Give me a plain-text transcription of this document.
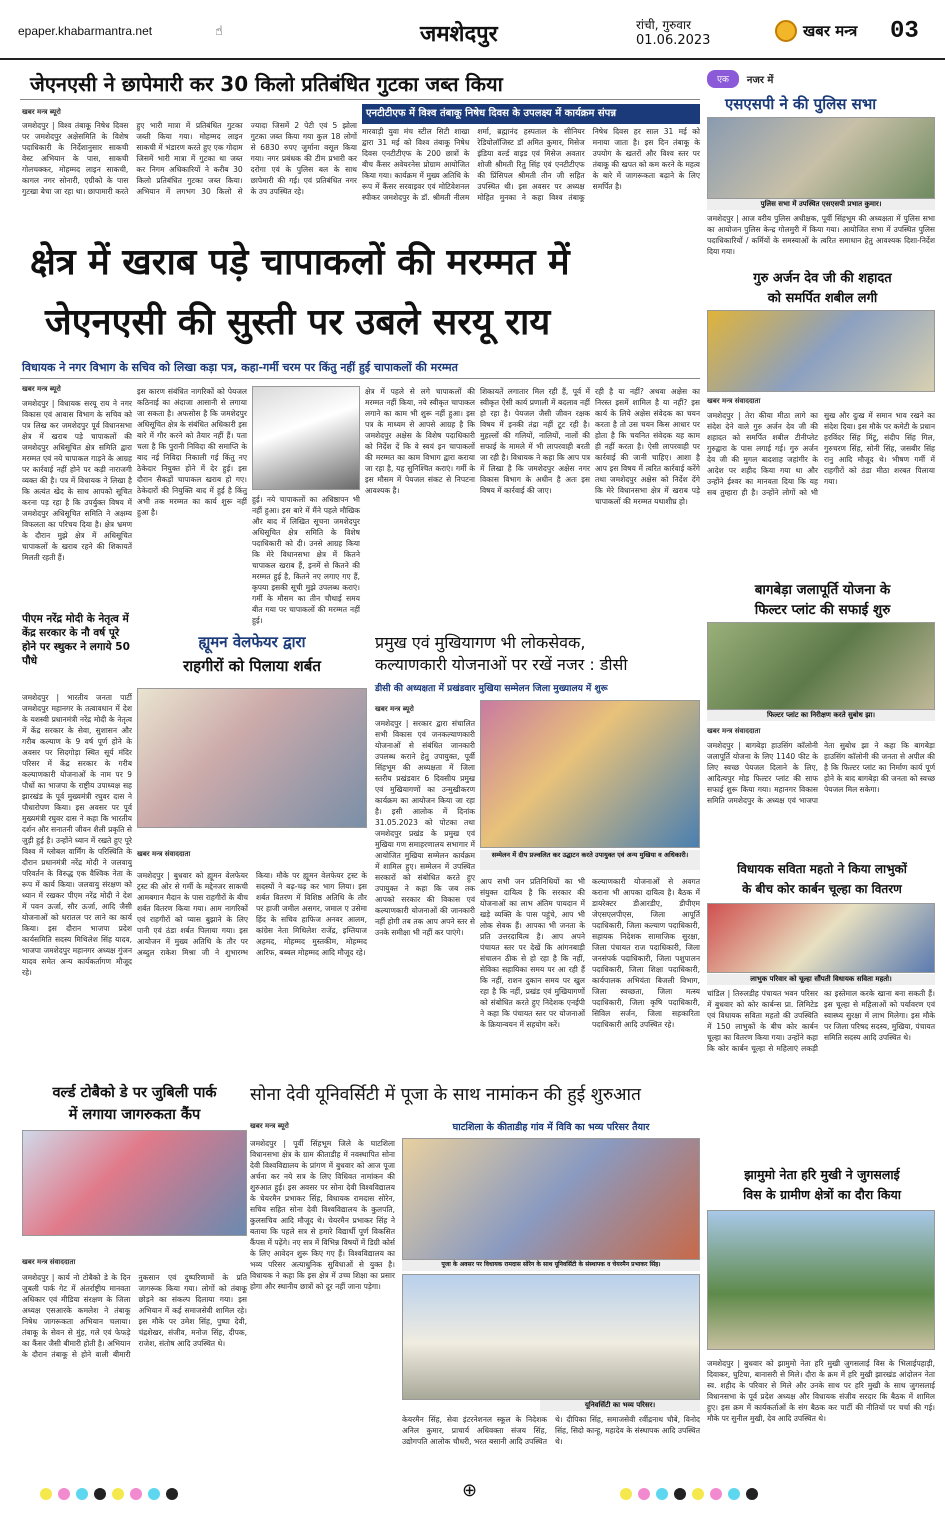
epaper.khabarmantra.net	☝	जमशेदपुर	रांची, गुरुवार
01.06.2023
खबर मन्त्र 03
जेएनएसी ने छापेमारी कर 30 किलो प्रतिबंधित गुटका जब्त किया
खबर मन्त्र ब्यूरो
जमशेदपुर | विश्व तंबाकू निषेध दिवस पर जमशेदपुर अक्षेसमिति के विशेष पदाधिकारी के निर्देशानुसार साकची वेस्ट अभियान के पास, साकची गोलचक्कर, मोहम्मद लाइन साकची, कागल नगर सोनारी, एग्रीको के पास गुटखा बेचा जा रहा था। छापामारी करते हुए भारी मात्रा में प्रतिबंधित गुटका जब्ती किया गया। मोहम्मद लाइन साकची में भंडारण करते हुए एक गोदाम जिसमें भारी मात्रा में गुटका था जब्त कर निगम अधिकारियों ने करीब 30 किलो प्रतिबंधित गुटका जब्त किया। अभियान में लगभग 30 किलो से ज्यादा जिसमें 2 पेटी एवं 5 झोला गुटका जब्त किया गया कुल 18 लोगों से 6830 रुपए जुर्माना वसूल किया गया। नगर प्रबंधक की टीम प्रभारी कर दरोगा एवं के पुलिस बल के साथ छापेमारी की गई। एवं प्रतिबंधित नगर के उप उपस्थित रहे।
एनटीटीएफ में विश्व तंबाकू निषेध दिवस के उपलक्ष्य में कार्यक्रम संपन्न
मारवाड़ी युवा मंच स्टील सिटी शाखा द्वारा 31 मई को विश्व तंबाकू निषेध दिवस एनटीटीएफ के 200 छात्रों के बीच कैंसर अवेयरनेस प्रोग्राम आयोजित किया गया। कार्यक्रम में मुख्य अतिथि के रूप में कैंसर सरवाइवर एवं मोटिवेशनल स्पीकर जमशेदपुर के डॉ. श्रीमती नीलम शर्मा, ब्रह्मानंद हस्पताल के सीनियर रेडियोलॉजिस्ट डॉ अमित कुमार, मिसेज इंडिया वर्ल्ड वाइड एवं मिसेज अवतार शोजी श्रीमती रितु सिंह एवं एनटीटीएफ की प्रिंसिपल श्रीमती तीन जी सहित उपस्थित थी। इस अवसर पर अध्यक्ष मोहित मुनका ने कहा विश्व तंबाकू निषेध दिवस हर साल 31 मई को मनाया जाता है। इस दिन तंबाकू के उपयोग के खतरों और विश्व स्तर पर तंबाकू की खपत को कम करने के महत्व के बारे में जागरूकता बढ़ाने के लिए समर्पित है।
एक	नजर में
एसएसपी ने की पुलिस सभा
पुलिस सभा में उपस्थित एसएसपी प्रभात कुमार।
जमशेदपुर | आज वरीय पुलिस अधीक्षक, पूर्वी सिंहभूम की अध्यक्षता में पुलिस सभा का आयोजन पुलिस केन्द्र गोलमुरी में किया गया। आयोजित सभा में उपस्थित पुलिस पदाधिकारियों / कर्मियों के समस्याओं के त्वरित समाधान हेतु आवश्यक दिशा-निर्देश दिया गया।
क्षेत्र में खराब पड़े चापाकलों की मरम्मत में
जेएनएसी की सुस्ती पर उबले सरयू राय
विधायक ने नगर विभाग के सचिव को लिखा कड़ा पत्र, कहा-गर्मी चरम पर किंतु नहीं हुई चापाकलों की मरम्मत
खबर मन्त्र ब्यूरो
जमशेदपुर | विधायक सरयू राय ने नगर विकास एवं आवास विभाग के सचिव को पत्र लिख कर जमशेदपुर पूर्व विधानसभा क्षेत्र में खराब पड़े चापाकलों की जमशेदपुर अधिसूचित क्षेत्र समिति द्वारा मरम्मत एवं नये चापाकल गाड़ने के आग्रह पर कार्रवाई नहीं होने पर कड़ी नाराजगी व्यक्त की है। पत्र में विधायक ने लिखा है कि अत्यंत खेद के साथ आपको सूचित करना पड़ रहा है कि उपर्युक्त विषय में जमशेदपुर अधिसूचित समिति ने अक्षम्य विफलता का परिचय दिया है। क्षेत्र भ्रमण के दौरान मुझे क्षेत्र में अधिसूचित चापाकलों के खराब रहने की शिकायतें मिलती रहती हैं।
इस कारण संबंधित नागरिकों को पेयजल कठिनाई का अंदाजा आसानी से लगाया जा सकता है। अफसोस है कि जमशेदपुर अधिसूचित क्षेत्र के संबंधित अधिकारी इस बारे में गौर करने को तैयार नहीं हैं। पता चला है कि पुरानी निविदा की समाप्ति के बाद नई निविदा निकाली गई किंतु नए ठेकेदार नियुक्त होने में देर हुई। इस दौरान सैकड़ों चापाकल खराब हो गए। ठेकेदारों की नियुक्ति बाद में हुई है किंतु अभी तक मरम्मत का कार्य शुरू नहीं हुआ है।
हुई। नये चापाकलों का अधिष्ठापन भी नहीं हुआ। इस बारे में मैंने पहले मौखिक और बाद में लिखित सूचना जमशेदपुर अधिसूचित क्षेत्र समिति के विशेष पदाधिकारी को दी। उनसे आग्रह किया कि मेरे विधानसभा क्षेत्र में कितने चापाकल खराब हैं, इनमें से कितने की मरम्मत हुई है, कितने नए लगाए गए हैं, कृपया इसकी सूची मुझे उपलब्ध कराएं। गर्मी के मौसम का तीन चौथाई समय बीत गया पर चापाकलों की मरम्मत नहीं हुई।
क्षेत्र में पहले से लगे चापाकलों की मरम्मत नहीं किया, नये स्वीकृत चापाकल लगाने का काम भी शुरू नहीं हुआ। इस पत्र के माध्यम से आपसे आग्रह है कि जमशेदपुर अक्षेस के विशेष पदाधिकारी को निर्देश दें कि वे स्वयं इन चापाकलों की मरम्मत का काम विभाग द्वारा कराया जा रहा है, यह सुनिश्चित कराएं। गर्मी के इस मौसम में पेयजल संकट से निपटना आवश्यक है।
शिकायतें लगातार मिल रही हैं, पूर्व में स्वीकृत ऐसी कार्य प्रणाली में बदलाव नहीं हो रहा है। पेयजल जैसी जीवन रक्षक विषय में इनकी तंद्रा नहीं टूट रही है। मुहल्लों की गलियों, नालियों, नालों की सफाई के मामले में भी लापरवाही बरती जा रही है। विधायक ने कहा कि आप पत्र में लिखा है कि जमशेदपुर अक्षेस नगर विकास विभाग के अधीन है अतः इस विषय में कार्रवाई की जाए।
रही है या नहीं? अथवा अक्षेस का निरस्त इसमें शामिल है या नहीं? इस कार्य के लिये अक्षेस संवेदक का चयन करता है तो उस चयन किस आधार पर होता है कि चयनित संवेदक यह काम ही नहीं करता है। ऐसी लापरवाही पर कार्रवाई की जानी चाहिए। आशा है आप इस विषय में त्वरित कार्रवाई करेंगे तथा जमशेदपुर अक्षेस को निर्देश देंगे कि मेरे विधानसभा क्षेत्र में खराब पड़े चापाकलों की मरम्मत यथाशीघ्र हो।
पीएम नरेंद्र मोदी के नेतृत्व में केंद्र सरकार के नौ वर्ष पूरे होने पर स्थुकर ने लगाये 50 पौधे
जमशेदपुर | भारतीय जनता पार्टी जमशेदपुर महानगर के तत्वावधान में देश के यशस्वी प्रधानमंत्री नरेंद्र मोदी के नेतृत्व में केंद्र सरकार के सेवा, सुशासन और गरीब कल्याण के 9 वर्ष पूर्ण होने के अवसर पर सिदगोड़ा स्थित सूर्य मंदिर परिसर में केंद्र सरकार के गरीब कल्याणकारी योजनाओं के नाम पर 9 पौधों का भाजपा के राष्ट्रीय उपाध्यक्ष सह झारखंड के पूर्व मुख्यमंत्री रघुवर दास ने पौधारोपण किया। इस अवसर पर पूर्व मुख्यमंत्री रघुवर दास ने कहा कि भारतीय दर्शन और सनातनी जीवन शैली प्रकृति से जुड़ी हुई है। उन्होंने ध्यान में रखते हुए पूरे विश्व में ग्लोबल वार्मिंग के परिस्थिति के दौरान प्रधानमंत्री नरेंद्र मोदी ने जलवायु परिवर्तन के विरुद्ध एक वैश्विक नेता के रूप में कार्य किया। जलवायु संरक्षण को ध्यान में रखकर पीएम नरेंद्र मोदी ने देश में पवन ऊर्जा, सौर ऊर्जा, आदि जैसी योजनाओं को धरातल पर लाने का कार्य किया। इस दौरान भाजपा प्रदेश कार्यसमिति सदस्य मिथिलेश सिंह यादव, भाजपा जमशेदपुर महानगर अध्यक्ष गुंजन यादव समेत अन्य कार्यकर्तागण मौजूद रहे।
ह्यूमन वेलफेयर द्वारा
राहगीरों को पिलाया शर्बत
खबर मन्त्र संवाददाता
जमशेदपुर | बुधवार को ह्यूमन वेलफेयर ट्रस्ट की ओर से गर्मी के मद्देनजर साकची आमबगान मैदान के पास राहगीरों के बीच शर्बत वितरण किया गया। आम नागरिकों एवं राहगीरों को प्यास बुझाने के लिए पानी एवं ठंडा शर्बत पिलाया गया। इस आयोजन में मुख्य अतिथि के तौर पर अब्दुल राकेश मिश्रा जी ने शुभारम्भ किया। मौके पर ह्यूमन वेलफेयर ट्रस्ट के सदस्यों ने बढ़-चढ़ कर भाग लिया। इस शर्बत वितरण में विशिष्ठ अतिथि के तौर पर हाजी जमील असगर, जमाल ए उसेमा हिंद के सचिव हाफिज अनवर आलम, कांग्रेस नेता मिथिलेश राजेंद्र, इम्तियाज अहमद, मोहम्मद मुस्तकीम, मोहम्मद आरिफ, बब्बल मोहम्मद आदि मौजूद रहे।
प्रमुख एवं मुखियागण भी लोकसेवक,
कल्याणकारी योजनाओं पर रखें नजर : डीसी
डीसी की अध्यक्षता में प्रखंडवार मुखिया सम्मेलन जिला मुख्यालय में शुरू
खबर मन्त्र ब्यूरो
जमशेदपुर | सरकार द्वारा संचालित सभी विकास एवं जनकल्याणकारी योजनाओं से संबंधित जानकारी उपलब्ध कराने हेतु उपायुक्त, पूर्वी सिंहभूम की अध्यक्षता में जिला स्तरीय प्रखंडवार 6 दिवसीय प्रमुख एवं मुखियागणों का उन्मुखीकरण कार्यक्रम का आयोजन किया जा रहा है। इसी आलोक में दिनांक 31.05.2023 को पोटका तथा जमशेदपुर प्रखंड के प्रमुख एवं मुखिया गण समाहरणालय सभागार में आयोजित मुखिया सम्मेलन कार्यक्रम में शामिल हुए। सम्मेलन में उपस्थित सरकारों को संबोधित करते हुए उपायुक्त ने कहा कि जब तक आपको सरकार की विकास एवं कल्याणकारी योजनाओं की जानकारी नहीं होगी तब तक आप अपने स्तर से उनके समीक्षा भी नहीं कर पाएंगे।
सम्मेलन में दीप प्रज्वलित कर उद्घाटन करते उपायुक्त एवं अन्य मुखिया व अधिकारी।
आप सभी जन प्रतिनिधियों का भी संयुक्त दायित्व है कि सरकार की योजनाओं का लाभ अंतिम पायदान में खड़े व्यक्ति के पास पहुंचे, आप भी लोक सेवक हैं। आपका भी जनता के प्रति उत्तरदायित्व है। आप अपने पंचायत स्तर पर देखें कि आंगनबाड़ी संचालन ठीक से हो रहा है कि नहीं, सेविका सहायिका समय पर आ रही हैं कि नहीं, राशन दुकान समय पर खुल रहा है कि नहीं, प्रखंड एवं मुखियागणों को संबोधित करते हुए निदेशक एनईपी ने कहा कि पंचायत स्तर पर योजनाओं के क्रियान्वयन में सहयोग करें।
कल्याणकारी योजनाओं से अवगत कराना भी आपका दायित्व है। बैठक में डायरेक्टर डीआरडीए, डीपीएम जेएसएलपीएस, जिला आपूर्ति पदाधिकारी, जिला कल्याण पदाधिकारी, सहायक निदेशक सामाजिक सुरक्षा, जिला पंचायत राज पदाधिकारी, जिला जनसंपर्क पदाधिकारी, जिला पशुपालन पदाधिकारी, जिला शिक्षा पदाधिकारी, कार्यपालक अभियंता बिजली विभाग, जिला स्वच्छता, जिला मत्स्य पदाधिकारी, जिला कृषि पदाधिकारी, सिविल सर्जन, जिला सहकारिता पदाधिकारी आदि उपस्थित रहे।
गुरु अर्जन देव जी की शहादत
को समर्पित शबील लगी
खबर मन्त्र संवाददाता
जमशेदपुर | तेरा कीया मीठा लागे का संदेश देने वाले गुरु अर्जन देव जी की शहादत को समर्पित शबील टीनीप्लेट गुरुद्वारा के पास लगाई गई। गुरु अर्जन देव जी की मुगल बादशाह जहांगीर के आदेश पर शहीद किया गया था और उन्होंने ईश्वर का मानवता दिया कि यह सब तुम्हारा ही है। उन्होंने लोगों को भी सुख और दुःख में समान भाव रखने का संदेश दिया। इस मौके पर कमेटी के प्रधान हरविंदर सिंह मिंटू, संदीप सिंह गिल, गुरुचरण सिंह, सोनी सिंह, जसबीर सिंह रानु आदि मौजूद थे। भीषण गर्मी में राहगीरों को ठंडा मीठा शरबत पिलाया गया।
बागबेड़ा जलापूर्ति योजना के
फिल्टर प्लांट की सफाई शुरु
फिल्टर प्लांट का निरीक्षण करते सुबोध झा।
खबर मन्त्र संवाददाता
जमशेदपुर | बागबेड़ा हाउसिंग कॉलोनी जलापूर्ति योजना के लिए 1140 फीट के लिए स्वच्छ पेयजल दिलाने के लिए, आदित्यपुर मोड़ फिल्टर प्लांट की साफ सफाई शुरू किया गया। महानगर विकास समिति जमशेदपुर के अध्यक्ष एवं भाजपा नेता सुबोध झा ने कहा कि बागबेड़ा हाउसिंग कॉलोनी की जनता से अपील की है कि फिल्टर प्लांट का निर्माण कार्य पूर्ण होने के बाद बागबेड़ा की जनता को स्वच्छ पेयजल मिल सकेगा।
विधायक सविता महतो ने किया लाभुकों
के बीच कोर कार्बन चूल्हा का वितरण
लाभुक परिवार को चूल्हा सौंपती विधायक सविता महतो।
चांडिल | तिरुलडीह पंचायत भवन परिसर में बुधवार को कोर कार्बन्स प्रा. लिमिटेड एवं विधायक सविता महतो की उपस्थिति में 150 लाभुकों के बीच कोर कार्बन चूल्हा का वितरण किया गया। उन्होंने कहा कि कोर कार्बन चूल्हा से महिलाएं लकड़ी का इस्तेमाल करके खाना बना सकती हैं। इस चूल्हा से महिलाओं को पर्यावरण एवं स्वास्थ्य सुरक्षा में लाभ मिलेगा। इस मौके पर जिला परिषद सदस्य, मुखिया, पंचायत समिति सदस्य आदि उपस्थित थे।
वर्ल्ड टोबैको डे पर जुबिली पार्क
में लगाया जागरुकता कैंप
खबर मन्त्र संवाददाता
जमशेदपुर | कार्य नो टोबैको डे के दिन जुबली पार्क गेट में अंतर्राष्ट्रीय मानवता अधिकार एवं मीडिया संरक्षण के जिला अध्यक्ष एसआरके कमलेश ने तंबाकू निषेध जागरूकता अभियान चलाया। तंबाकू के सेवन से मुंह, गले एवं फेफड़े का कैंसर जैसी बीमारी होती है। अभियान के दौरान तंबाकू से होने वाली बीमारी नुकसान एवं दुष्परिणामों के प्रति जागरूक किया गया। लोगों को तंबाकू छोड़ने का संकल्प दिलाया गया। इस अभियान में कई समाजसेवी शामिल रहे। इस मौके पर उमेश सिंह, पुष्पा देवी, चंद्रशेखर, संजीव, मनोज सिंह, दीपक, राजेश, संतोष आदि उपस्थित थे।
सोना देवी यूनिवर्सिटी में पूजा के साथ नामांकन की हुई शुरुआत
खबर मन्त्र ब्यूरो	घाटशिला के कीताडीह गांव में विवि का भव्य परिसर तैयार
जमशेदपुर | पूर्वी सिंहभूम जिले के घाटशिला विधानसभा क्षेत्र के ग्राम कीताडीह में नवस्थापित सोना देवी विश्वविद्यालय के प्रांगण में बुधवार को आज पूजा अर्चना कर नये सत्र के लिए विधिवत नामांकन की शुरुआत हुई। इस अवसर पर सोना देवी विश्वविद्यालय के चेयरमैन प्रभाकर सिंह, विधायक रामदास सोरेन, सचिव सहित सोना देवी विश्वविद्यालय के कुलपति, कुलसचिव आदि मौजूद थे। चेयरमैन प्रभाकर सिंह ने बताया कि पहले सत्र से हमारे विद्यार्थी पूर्ण विकसित कैंपस में पढ़ेंगे। नए सत्र में विभिन्न विषयों में डिग्री कोर्स के लिए आवेदन शुरू किए गए हैं। विश्वविद्यालय का भव्य परिसर अत्याधुनिक सुविधाओं से युक्त है। विधायक ने कहा कि इस क्षेत्र में उच्च शिक्षा का प्रसार होगा और स्थानीय छात्रों को दूर नहीं जाना पड़ेगा।
पूजा के अवसर पर विधायक रामदास सोरेन के साथ यूनिवर्सिटी के संस्थापक व चेयरमैन प्रभाकर सिंह।
यूनिवर्सिटी का भव्य परिसर।
केयरमैन सिंह, सेवा इंटरनेशनल स्कूल के निदेशक अनिल कुमार, प्राचार्य अधिवक्ता संजय सिंह, उद्योगपति आलोक चौधरी, भरत बसानी आदि उपस्थित थे। दीपिका सिंह, समाजसेवी रवींद्रनाथ चौबे, विनोद सिंह, सिदो कान्हू, महादेव के संस्थापक आदि उपस्थित थे।
झामुमो नेता हरि मुखी ने जुगसलाई
विस के ग्रामीण क्षेत्रों का दौरा किया
जमशेदपुर | बुधवार को झामुमो नेता हरि मुखी जुगसलाई विस के भिलाईपहाड़ी, दिवाकर, घुटिया, बानासरी से मिले। दौरा के क्रम में हरि मुखी झारखंड आंदोलन नेता स्व. शहीद के परिवार से मिले और उनके साथ पर हरि मुखी के साथ जुगसलाई विधानसभा के पूर्व प्रदेश अध्यक्ष और विधायक संजीव सरदार कि बैठक में शामिल हुए। इस क्रम में कार्यकर्ताओं के संग बैठक कर पार्टी की नीतियों पर चर्चा की गई। मौके पर सुनील मुखी, देव आदि उपस्थित थे।
⊕
